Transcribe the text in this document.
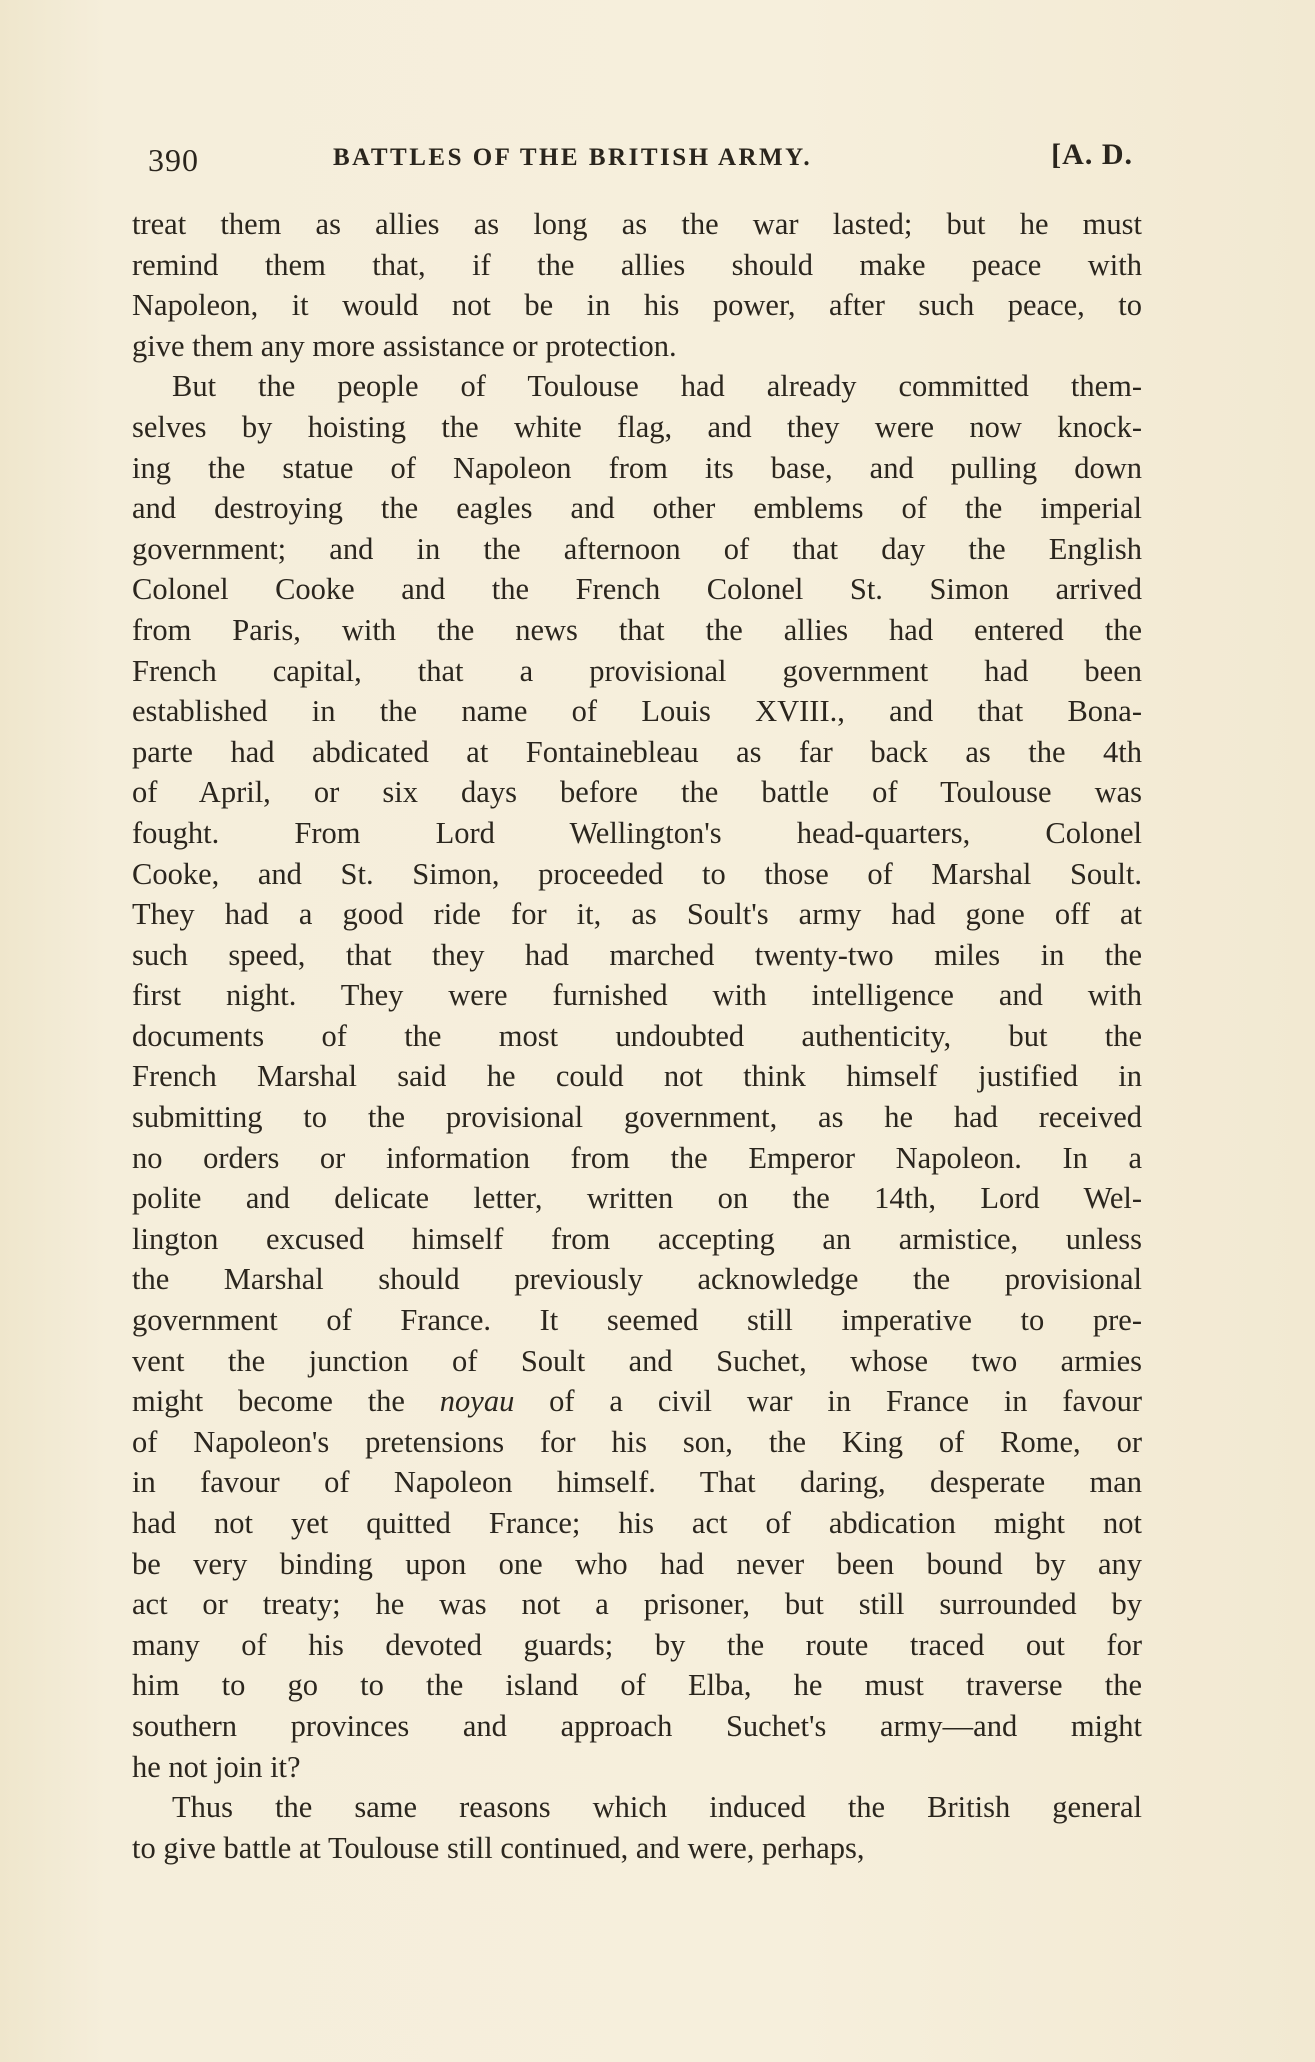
390	BATTLES OF THE BRITISH ARMY.	[A. D.
treat them as allies as long as the war lasted; but he must
remind them that, if the allies should make peace with
Napoleon, it would not be in his power, after such peace, to
give them any more assistance or protection.
But the people of Toulouse had already committed them-
selves by hoisting the white flag, and they were now knock-
ing the statue of Napoleon from its base, and pulling down
and destroying the eagles and other emblems of the imperial
government; and in the afternoon of that day the English
Colonel Cooke and the French Colonel St. Simon arrived
from Paris, with the news that the allies had entered the
French capital, that a provisional government had been
established in the name of Louis XVIII., and that Bona-
parte had abdicated at Fontainebleau as far back as the 4th
of April, or six days before the battle of Toulouse was
fought. From Lord Wellington's head-quarters, Colonel
Cooke, and St. Simon, proceeded to those of Marshal Soult.
They had a good ride for it, as Soult's army had gone off at
such speed, that they had marched twenty-two miles in the
first night. They were furnished with intelligence and with
documents of the most undoubted authenticity, but the
French Marshal said he could not think himself justified in
submitting to the provisional government, as he had received
no orders or information from the Emperor Napoleon. In a
polite and delicate letter, written on the 14th, Lord Wel-
lington excused himself from accepting an armistice, unless
the Marshal should previously acknowledge the provisional
government of France. It seemed still imperative to pre-
vent the junction of Soult and Suchet, whose two armies
might become the noyau of a civil war in France in favour
of Napoleon's pretensions for his son, the King of Rome, or
in favour of Napoleon himself. That daring, desperate man
had not yet quitted France; his act of abdication might not
be very binding upon one who had never been bound by any
act or treaty; he was not a prisoner, but still surrounded by
many of his devoted guards; by the route traced out for
him to go to the island of Elba, he must traverse the
southern provinces and approach Suchet's army—and might
he not join it?
Thus the same reasons which induced the British general
to give battle at Toulouse still continued, and were, perhaps,
